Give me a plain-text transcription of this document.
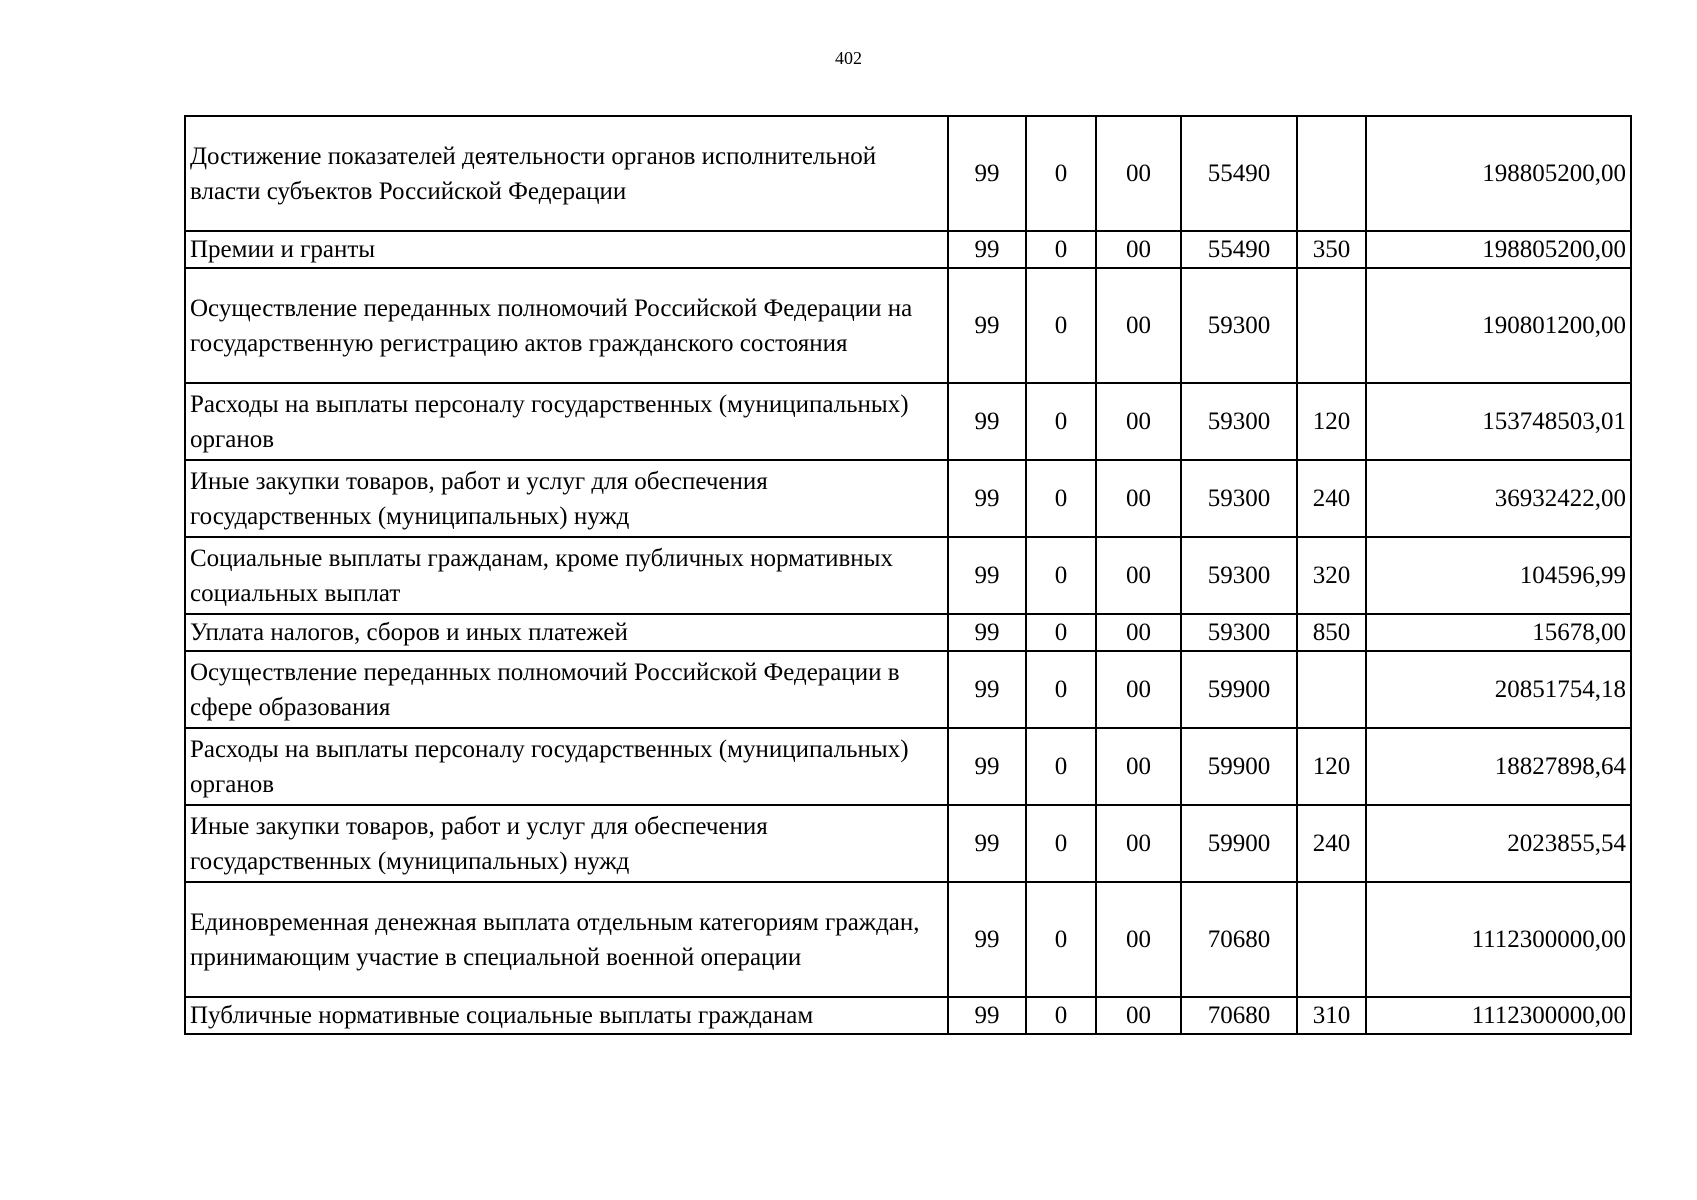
402
Достижение показателей деятельности органов исполнительной власти субъектов Российской Федерации	99	0	00	55490		198805200,00
Премии и гранты	99	0	00	55490	350	198805200,00
Осуществление переданных полномочий Российской Федерации на государственную регистрацию актов гражданского состояния	99	0	00	59300		190801200,00
Расходы на выплаты персоналу государственных (муниципальных) органов	99	0	00	59300	120	153748503,01
Иные закупки товаров, работ и услуг для обеспечения государственных (муниципальных) нужд	99	0	00	59300	240	36932422,00
Социальные выплаты гражданам, кроме публичных нормативных социальных выплат	99	0	00	59300	320	104596,99
Уплата налогов, сборов и иных платежей	99	0	00	59300	850	15678,00
Осуществление переданных полномочий Российской Федерации в сфере образования	99	0	00	59900		20851754,18
Расходы на выплаты персоналу государственных (муниципальных) органов	99	0	00	59900	120	18827898,64
Иные закупки товаров, работ и услуг для обеспечения государственных (муниципальных) нужд	99	0	00	59900	240	2023855,54
Единовременная денежная выплата отдельным категориям граждан, принимающим участие в специальной военной операции	99	0	00	70680		1112300000,00
Публичные нормативные социальные выплаты гражданам	99	0	00	70680	310	1112300000,00
